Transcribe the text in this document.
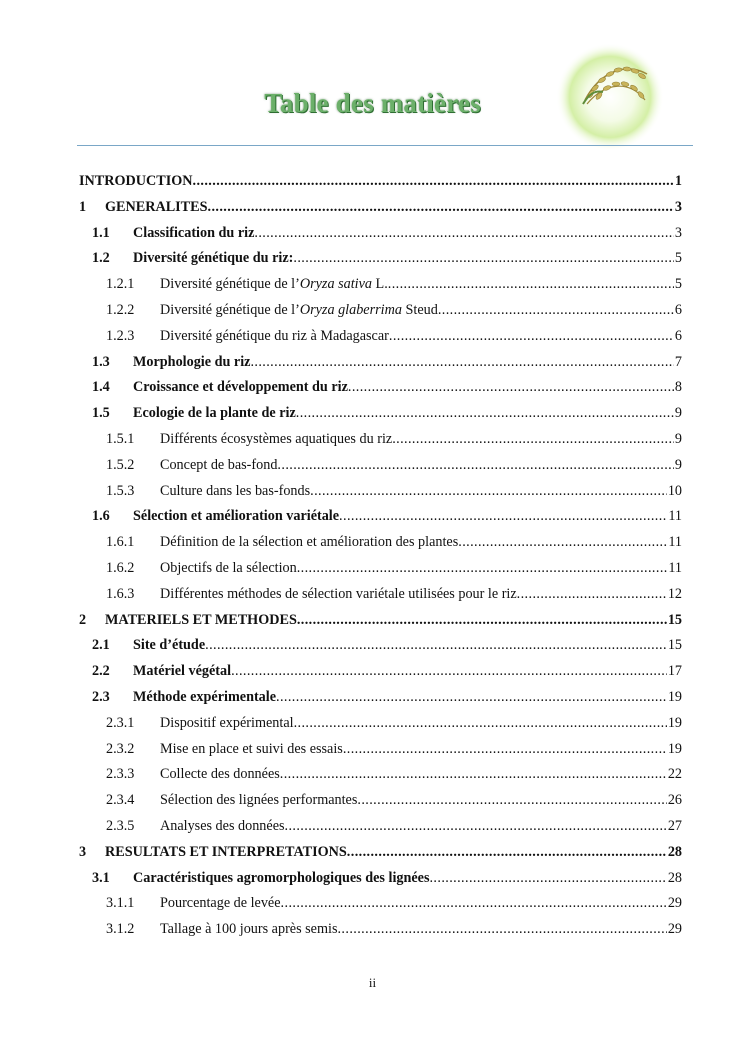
Table des matières
INTRODUCTION .....	1
1	GENERALITES .....	3
1.1	Classification du riz .....	3
1.2	Diversité génétique du riz: .....	5
1.2.1	Diversité génétique de l’Oryza sativa L. .....	5
1.2.2	Diversité génétique de l’Oryza glaberrima Steud .....	6
1.2.3	Diversité génétique du riz à Madagascar .....	6
1.3	Morphologie du riz .....	7
1.4	Croissance et développement du riz .....	8
1.5	Ecologie de la plante de riz .....	9
1.5.1	Différents écosystèmes aquatiques du riz .....	9
1.5.2	Concept de bas-fond .....	9
1.5.3	Culture dans les bas-fonds .....	10
1.6	Sélection et amélioration variétale .....	11
1.6.1	Définition de la sélection et amélioration des plantes .....	11
1.6.2	Objectifs de la sélection .....	11
1.6.3	Différentes méthodes de sélection variétale utilisées pour le riz .....	12
2	MATERIELS ET METHODES .....	15
2.1	Site d’étude .....	15
2.2	Matériel végétal .....	17
2.3	Méthode expérimentale .....	19
2.3.1	Dispositif expérimental .....	19
2.3.2	Mise en place et suivi des essais .....	19
2.3.3	Collecte des données .....	22
2.3.4	Sélection des lignées performantes .....	26
2.3.5	Analyses des données .....	27
3	RESULTATS ET INTERPRETATIONS .....	28
3.1	Caractéristiques agromorphologiques des lignées .....	28
3.1.1	Pourcentage de levée .....	29
3.1.2	Tallage à 100 jours après semis .....	29
ii
